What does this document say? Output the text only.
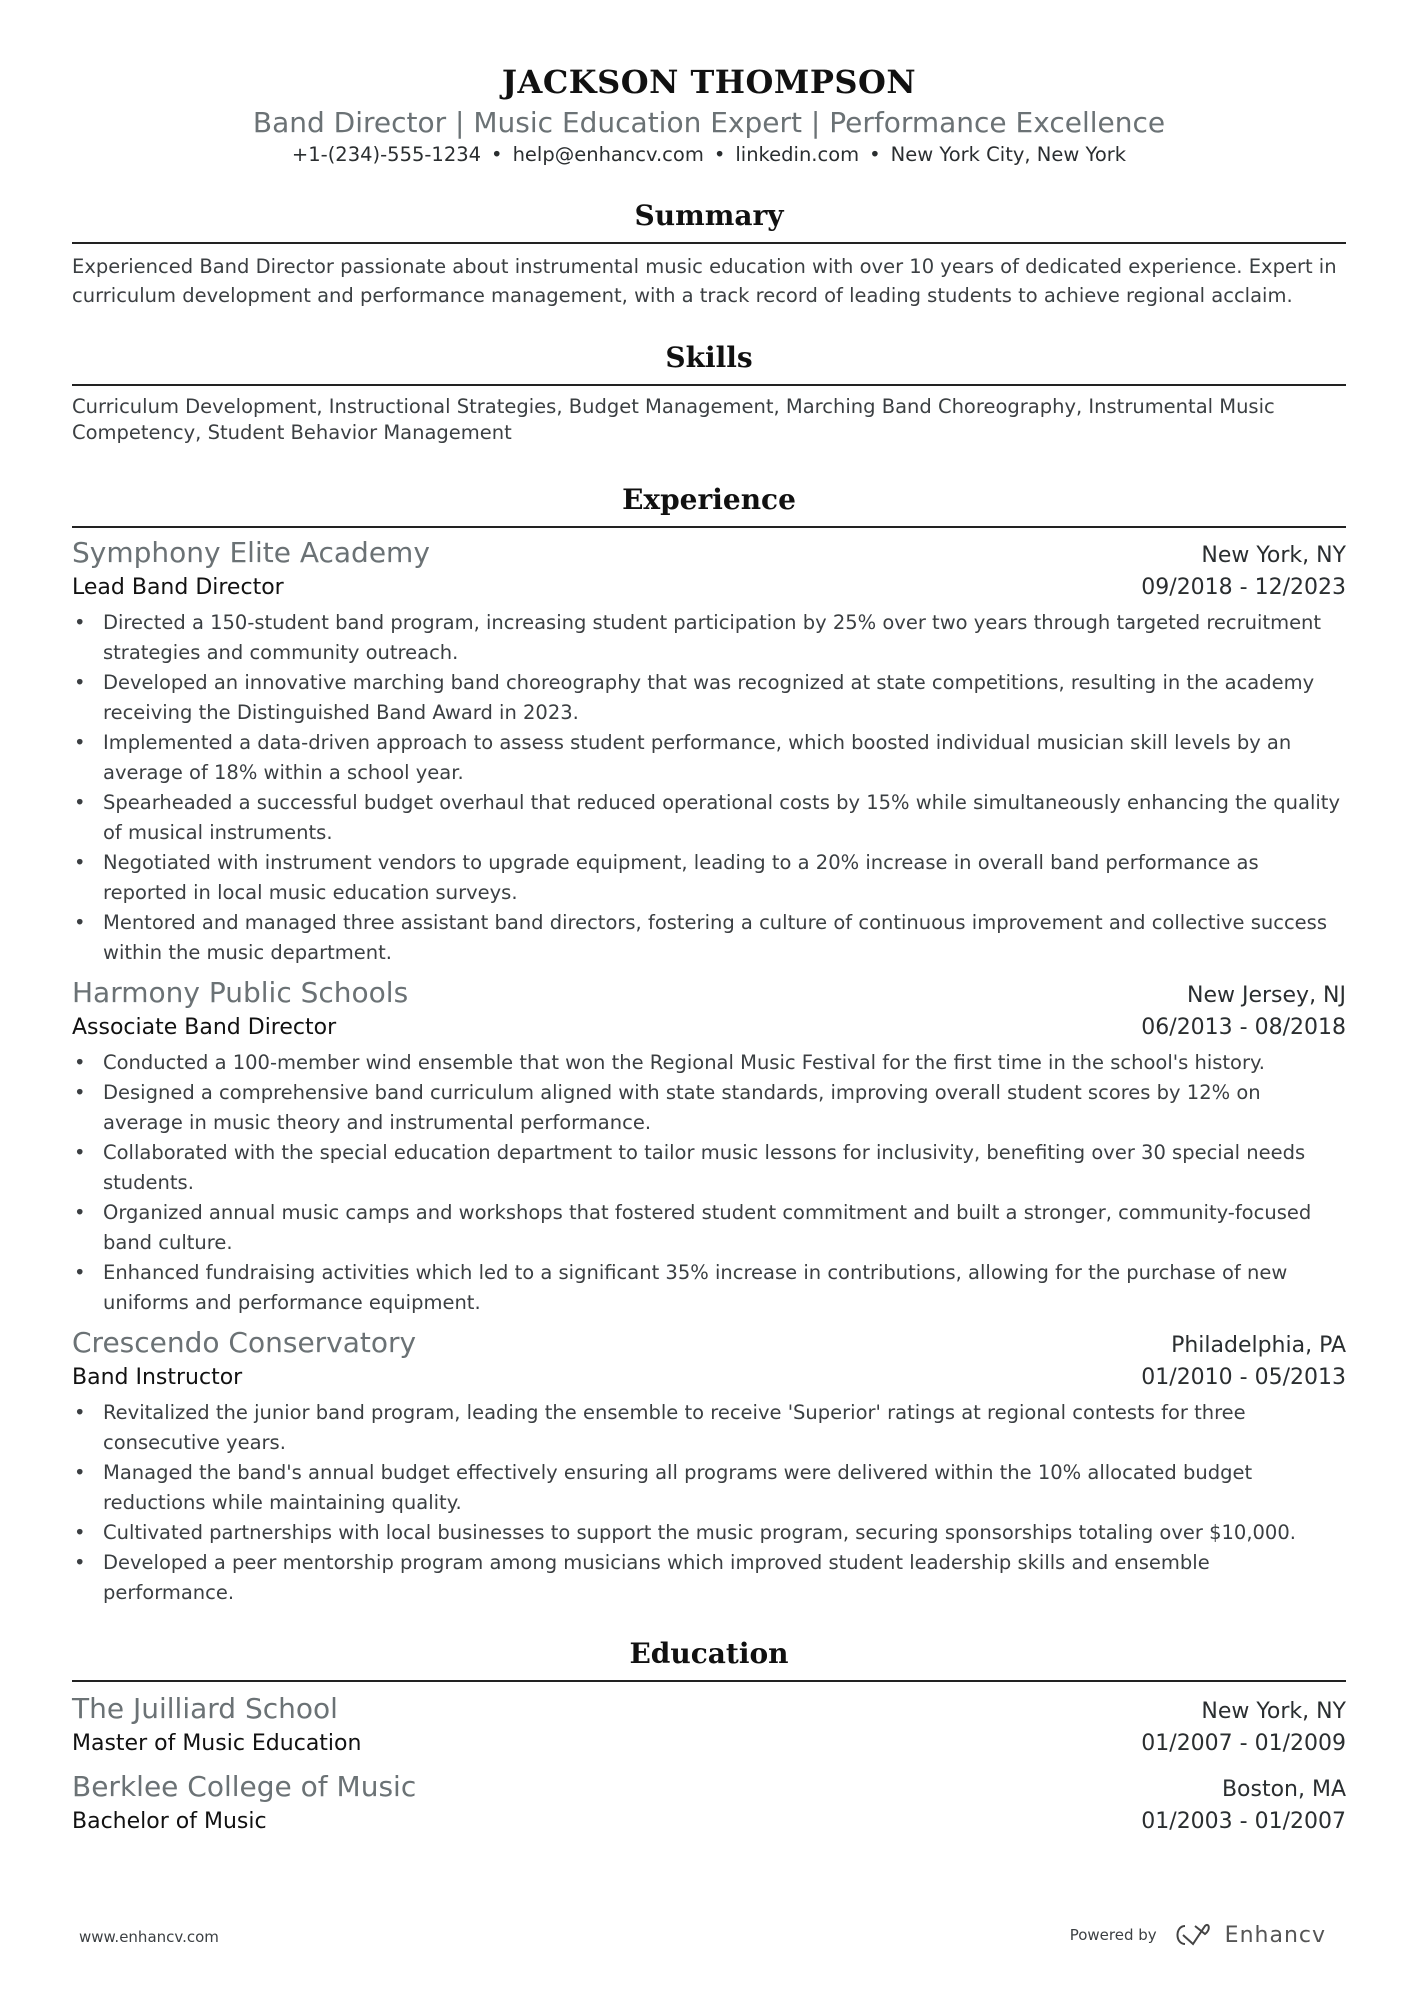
JACKSON THOMPSON
Band Director | Music Education Expert | Performance Excellence
+1-(234)-555-1234 • help@enhancv.com • linkedin.com • New York City, New York
Summary
Experienced Band Director passionate about instrumental music education with over 10 years of dedicated experience. Expert in curriculum development and performance management, with a track record of leading students to achieve regional acclaim.
Skills
Curriculum Development, Instructional Strategies, Budget Management, Marching Band Choreography, Instrumental Music Competency, Student Behavior Management
Experience
Symphony Elite Academy	New York, NY
Lead Band Director	09/2018 - 12/2023
• Directed a 150-student band program, increasing student participation by 25% over two years through targeted recruitment strategies and community outreach.
• Developed an innovative marching band choreography that was recognized at state competitions, resulting in the academy receiving the Distinguished Band Award in 2023.
• Implemented a data-driven approach to assess student performance, which boosted individual musician skill levels by an average of 18% within a school year.
• Spearheaded a successful budget overhaul that reduced operational costs by 15% while simultaneously enhancing the quality of musical instruments.
• Negotiated with instrument vendors to upgrade equipment, leading to a 20% increase in overall band performance as reported in local music education surveys.
• Mentored and managed three assistant band directors, fostering a culture of continuous improvement and collective success within the music department.
Harmony Public Schools	New Jersey, NJ
Associate Band Director	06/2013 - 08/2018
• Conducted a 100-member wind ensemble that won the Regional Music Festival for the first time in the school's history.
• Designed a comprehensive band curriculum aligned with state standards, improving overall student scores by 12% on average in music theory and instrumental performance.
• Collaborated with the special education department to tailor music lessons for inclusivity, benefiting over 30 special needs students.
• Organized annual music camps and workshops that fostered student commitment and built a stronger, community-focused band culture.
• Enhanced fundraising activities which led to a significant 35% increase in contributions, allowing for the purchase of new uniforms and performance equipment.
Crescendo Conservatory	Philadelphia, PA
Band Instructor	01/2010 - 05/2013
• Revitalized the junior band program, leading the ensemble to receive 'Superior' ratings at regional contests for three consecutive years.
• Managed the band's annual budget effectively ensuring all programs were delivered within the 10% allocated budget reductions while maintaining quality.
• Cultivated partnerships with local businesses to support the music program, securing sponsorships totaling over $10,000.
• Developed a peer mentorship program among musicians which improved student leadership skills and ensemble performance.
Education
The Juilliard School	New York, NY
Master of Music Education	01/2007 - 01/2009
Berklee College of Music	Boston, MA
Bachelor of Music	01/2003 - 01/2007
www.enhancv.com	Powered by	Enhancv
